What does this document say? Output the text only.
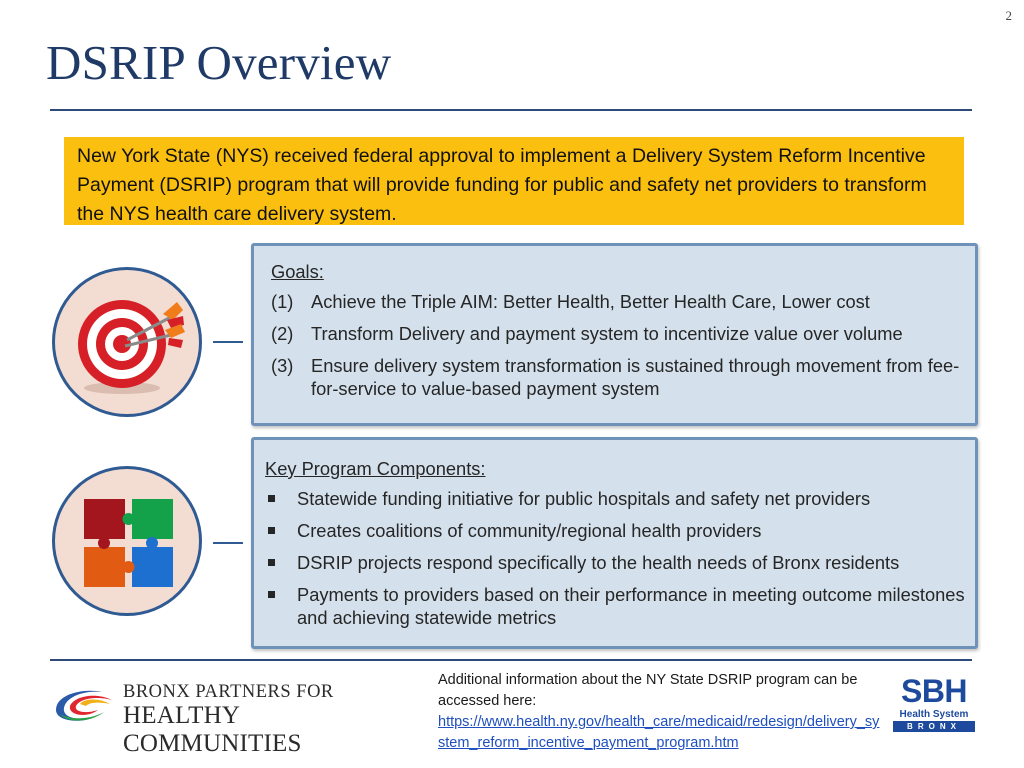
2
DSRIP Overview
New York State (NYS) received federal approval to implement a Delivery System Reform Incentive Payment (DSRIP) program that will provide funding for public and safety net providers to transform the NYS health care delivery system.
Goals:
(1) Achieve the Triple AIM: Better Health, Better Health Care, Lower cost
(2) Transform Delivery and payment system to incentivize value over volume
(3) Ensure delivery system transformation is sustained through movement from fee-for-service to value-based payment system
Key Program Components:
Statewide funding initiative for public hospitals and safety net providers
Creates coalitions of community/regional health providers
DSRIP projects respond specifically to the health needs of Bronx residents
Payments to providers based on their performance in meeting outcome milestones and achieving statewide metrics
BRONX PARTNERS FOR
HEALTHY COMMUNITIES
Additional information about the NY State DSRIP program can be accessed here:
https://www.health.ny.gov/health_care/medicaid/redesign/delivery_system_reform_incentive_payment_program.htm
SBH
Health System
BRONX
